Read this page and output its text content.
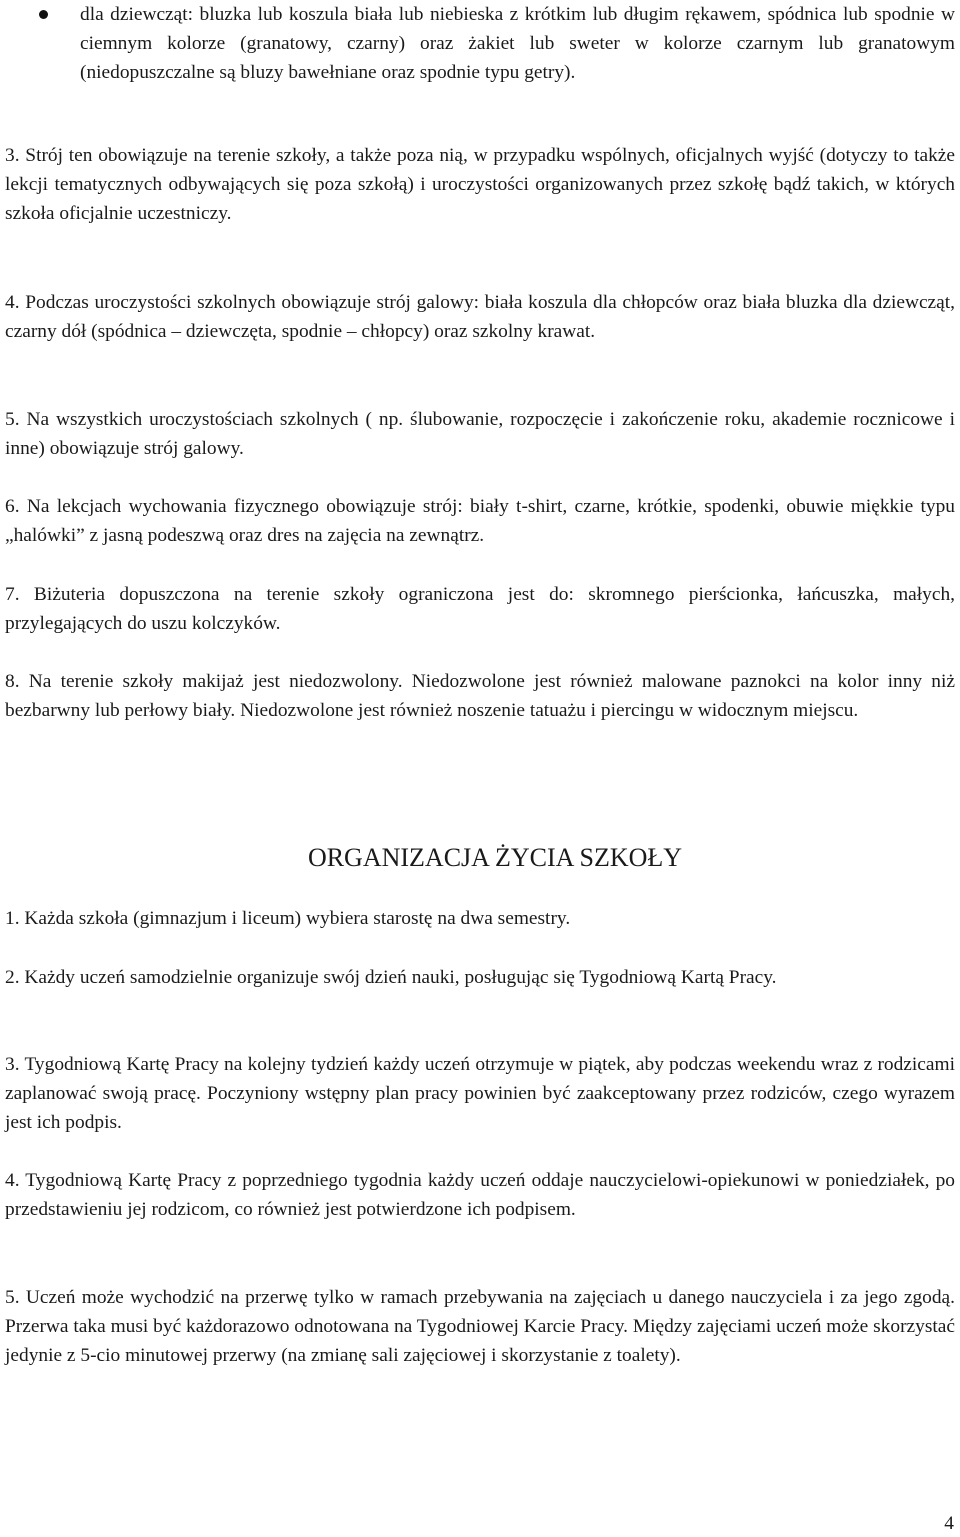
dla dziewcząt: bluzka lub koszula biała lub niebieska z krótkim lub długim rękawem, spódnica lub spodnie w ciemnym kolorze (granatowy, czarny) oraz żakiet lub sweter w kolorze czarnym lub granatowym (niedopuszczalne są bluzy bawełniane oraz spodnie typu getry).

3. Strój ten obowiązuje na terenie szkoły, a także poza nią, w przypadku wspólnych, oficjalnych wyjść (dotyczy to także lekcji tematycznych odbywających się poza szkołą) i uroczystości organizowanych przez szkołę bądź takich, w których szkoła oficjalnie uczestniczy.

4. Podczas uroczystości szkolnych obowiązuje strój galowy: biała koszula dla chłopców oraz biała bluzka dla dziewcząt, czarny dół (spódnica – dziewczęta, spodnie – chłopcy) oraz szkolny krawat.

5. Na wszystkich uroczystościach szkolnych ( np. ślubowanie, rozpoczęcie i zakończenie roku, akademie rocznicowe i inne) obowiązuje strój galowy.

6. Na lekcjach wychowania fizycznego obowiązuje strój: biały t-shirt, czarne, krótkie, spodenki, obuwie miękkie typu „halówki” z jasną podeszwą oraz dres na zajęcia na zewnątrz.

7. Biżuteria dopuszczona na terenie szkoły ograniczona jest do: skromnego pierścionka, łańcuszka, małych, przylegających do uszu kolczyków.

8. Na terenie szkoły makijaż jest niedozwolony. Niedozwolone jest również malowane paznokci na kolor inny niż bezbarwny lub perłowy biały. Niedozwolone jest również noszenie tatuażu i piercingu w widocznym miejscu.

ORGANIZACJA ŻYCIA SZKOŁY

1. Każda szkoła (gimnazjum i liceum) wybiera starostę na dwa semestry.

2. Każdy uczeń samodzielnie organizuje swój dzień nauki, posługując się Tygodniową Kartą Pracy.

3. Tygodniową Kartę Pracy na kolejny tydzień każdy uczeń otrzymuje w piątek, aby podczas weekendu wraz z rodzicami zaplanować swoją pracę. Poczyniony wstępny plan pracy powinien być zaakceptowany przez rodziców, czego wyrazem jest ich podpis.

4. Tygodniową Kartę Pracy z poprzedniego tygodnia każdy uczeń oddaje nauczycielowi-opiekunowi w poniedziałek, po przedstawieniu jej rodzicom, co również jest potwierdzone ich podpisem.

5. Uczeń może wychodzić na przerwę tylko w ramach przebywania na zajęciach u danego nauczyciela i za jego zgodą. Przerwa taka musi być każdorazowo odnotowana na Tygodniowej Karcie Pracy. Między zajęciami uczeń może skorzystać jedynie z 5-cio minutowej przerwy (na zmianę sali zajęciowej i skorzystanie z toalety).

4
